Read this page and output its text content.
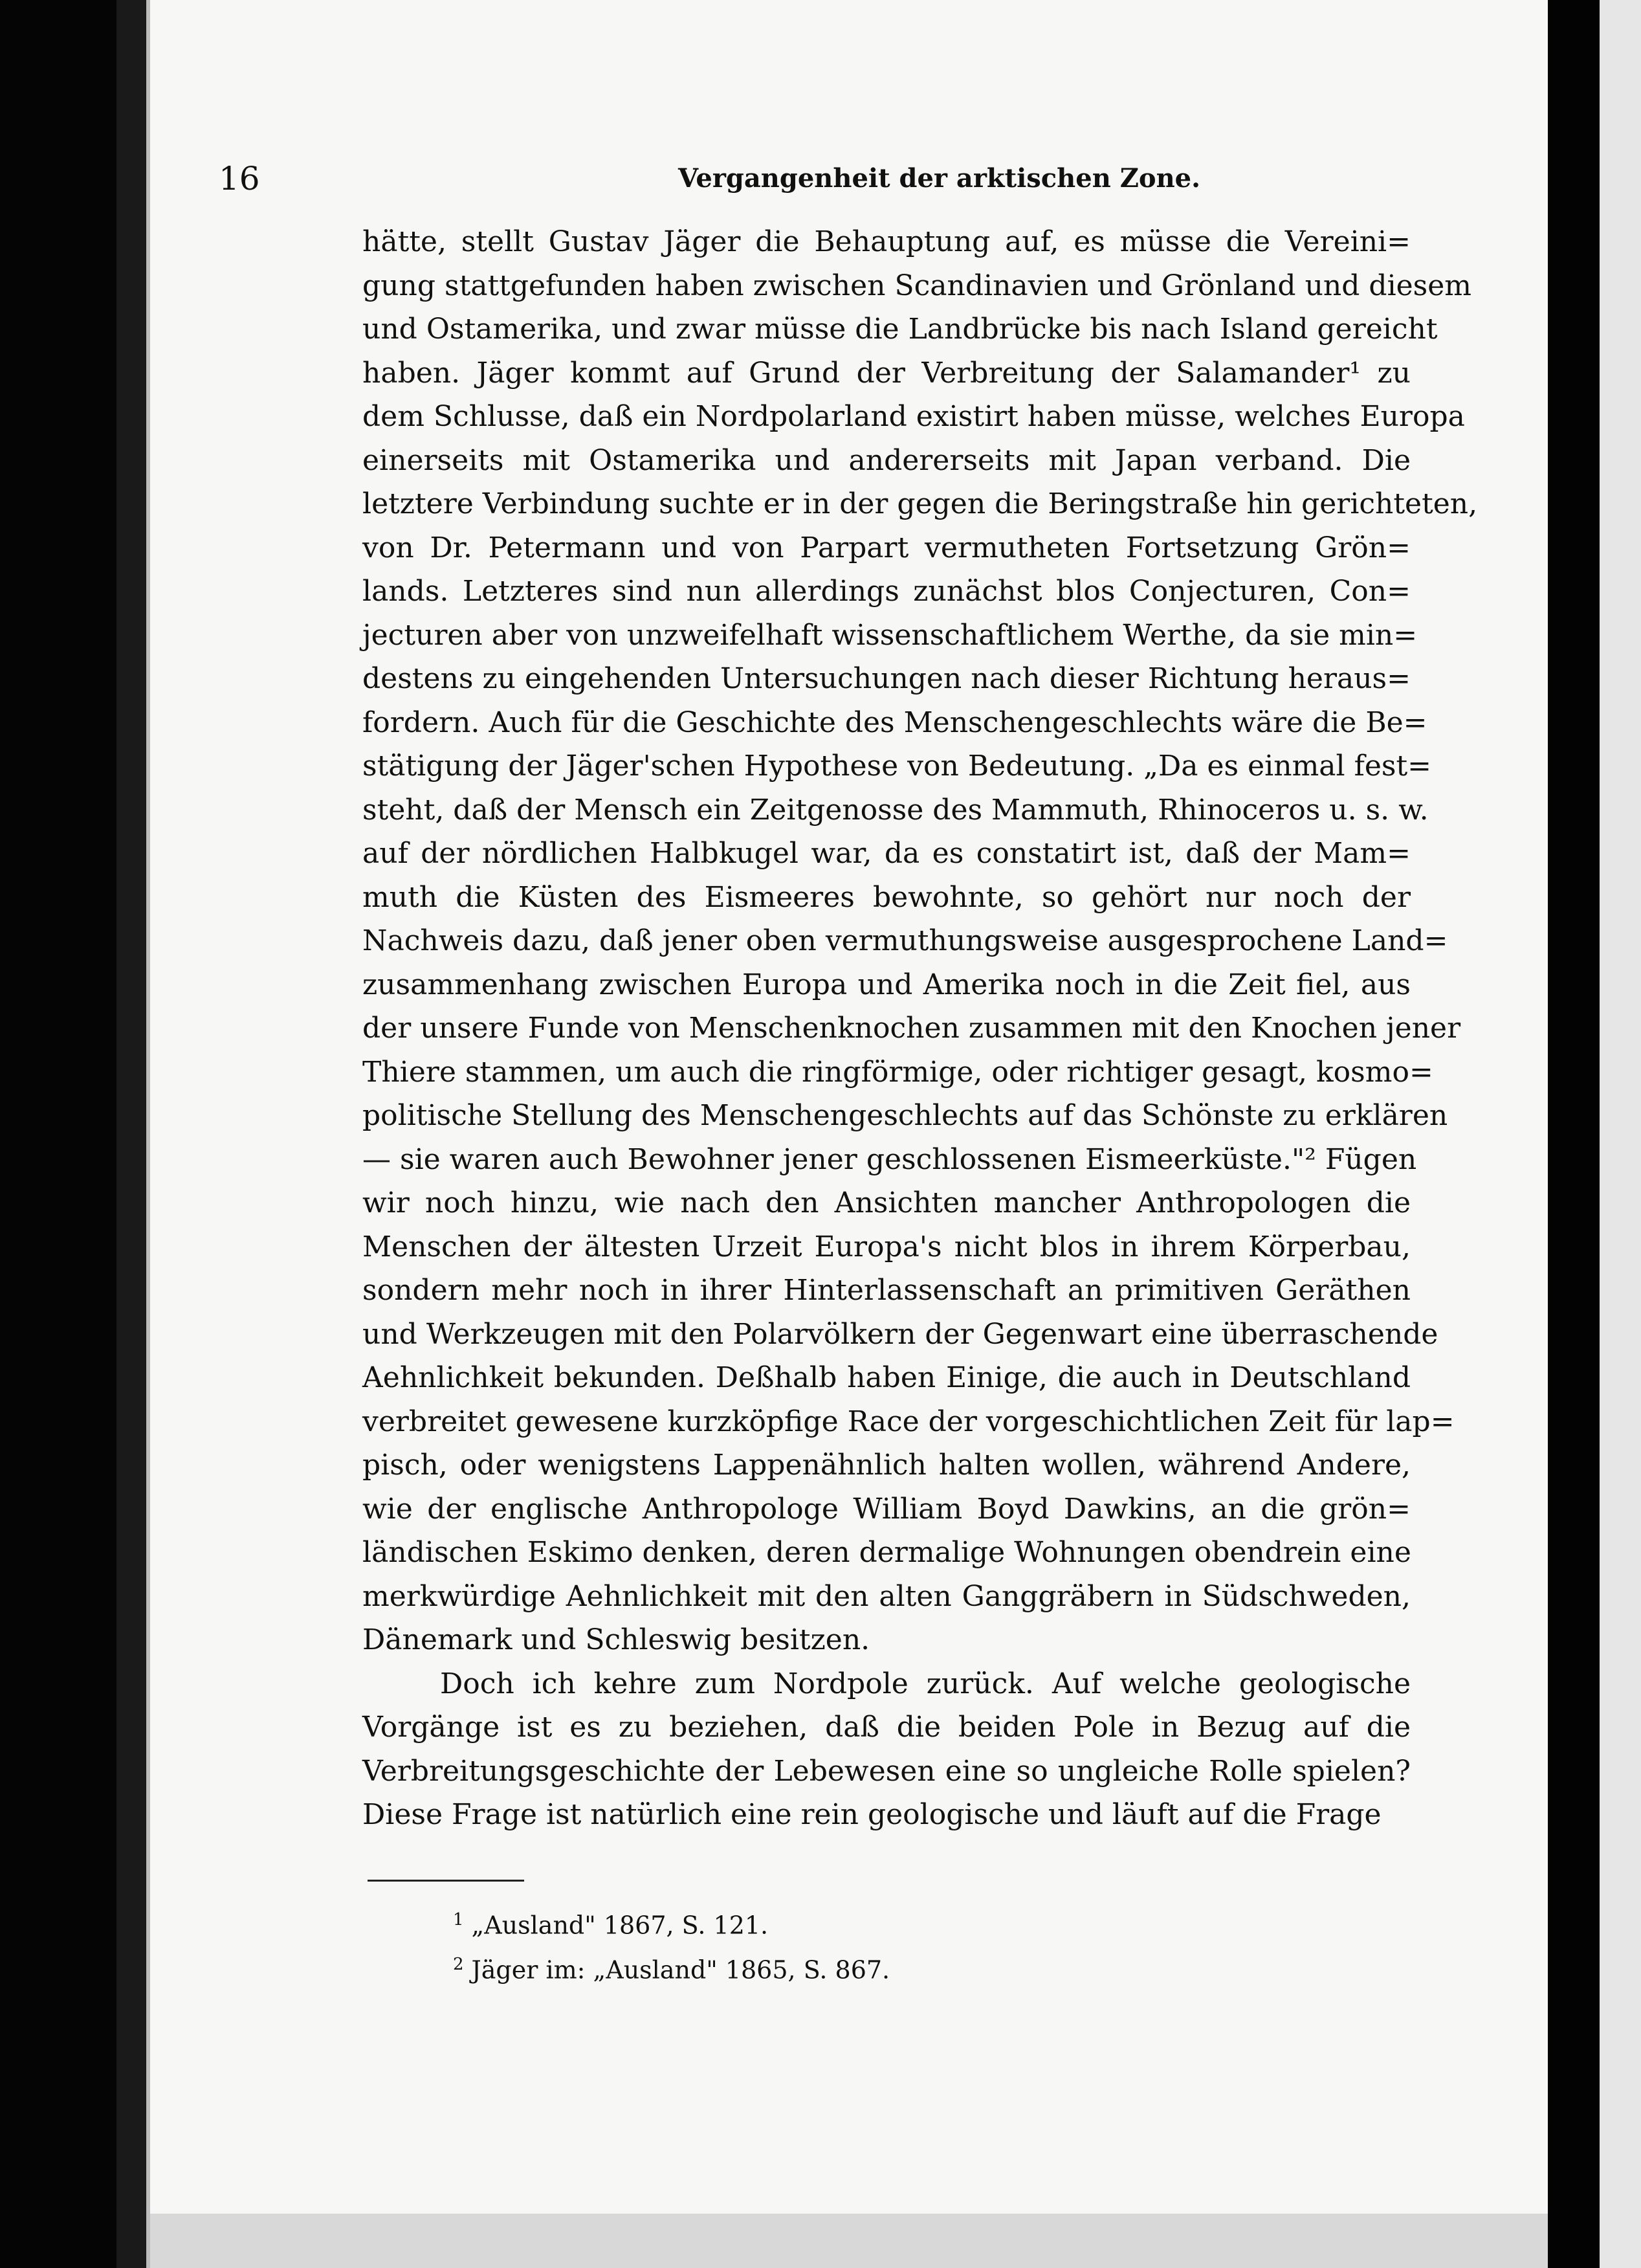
16	Vergangenheit der arktischen Zone.
hätte, stellt Gustav Jäger die Behauptung auf, es müsse die Vereini=
gung stattgefunden haben zwischen Scandinavien und Grönland und diesem
und Ostamerika, und zwar müsse die Landbrücke bis nach Island gereicht
haben. Jäger kommt auf Grund der Verbreitung der Salamander¹ zu
dem Schlusse, daß ein Nordpolarland existirt haben müsse, welches Europa
einerseits mit Ostamerika und andererseits mit Japan verband. Die
letztere Verbindung suchte er in der gegen die Beringstraße hin gerichteten,
von Dr. Petermann und von Parpart vermutheten Fortsetzung Grön=
lands. Letzteres sind nun allerdings zunächst blos Conjecturen, Con=
jecturen aber von unzweifelhaft wissenschaftlichem Werthe, da sie min=
destens zu eingehenden Untersuchungen nach dieser Richtung heraus=
fordern. Auch für die Geschichte des Menschengeschlechts wäre die Be=
stätigung der Jäger'schen Hypothese von Bedeutung. „Da es einmal fest=
steht, daß der Mensch ein Zeitgenosse des Mammuth, Rhinoceros u. s. w.
auf der nördlichen Halbkugel war, da es constatirt ist, daß der Mam=
muth die Küsten des Eismeeres bewohnte, so gehört nur noch der
Nachweis dazu, daß jener oben vermuthungsweise ausgesprochene Land=
zusammenhang zwischen Europa und Amerika noch in die Zeit fiel, aus
der unsere Funde von Menschenknochen zusammen mit den Knochen jener
Thiere stammen, um auch die ringförmige, oder richtiger gesagt, kosmo=
politische Stellung des Menschengeschlechts auf das Schönste zu erklären
— sie waren auch Bewohner jener geschlossenen Eismeerküste."² Fügen
wir noch hinzu, wie nach den Ansichten mancher Anthropologen die
Menschen der ältesten Urzeit Europa's nicht blos in ihrem Körperbau,
sondern mehr noch in ihrer Hinterlassenschaft an primitiven Geräthen
und Werkzeugen mit den Polarvölkern der Gegenwart eine überraschende
Aehnlichkeit bekunden. Deßhalb haben Einige, die auch in Deutschland
verbreitet gewesene kurzköpfige Race der vorgeschichtlichen Zeit für lap=
pisch, oder wenigstens Lappenähnlich halten wollen, während Andere,
wie der englische Anthropologe William Boyd Dawkins, an die grön=
ländischen Eskimo denken, deren dermalige Wohnungen obendrein eine
merkwürdige Aehnlichkeit mit den alten Ganggräbern in Südschweden,
Dänemark und Schleswig besitzen.
Doch ich kehre zum Nordpole zurück. Auf welche geologische
Vorgänge ist es zu beziehen, daß die beiden Pole in Bezug auf die
Verbreitungsgeschichte der Lebewesen eine so ungleiche Rolle spielen?
Diese Frage ist natürlich eine rein geologische und läuft auf die Frage
$^1$ „Ausland" 1867, S. 121.
$^2$ Jäger im: „Ausland" 1865, S. 867.
